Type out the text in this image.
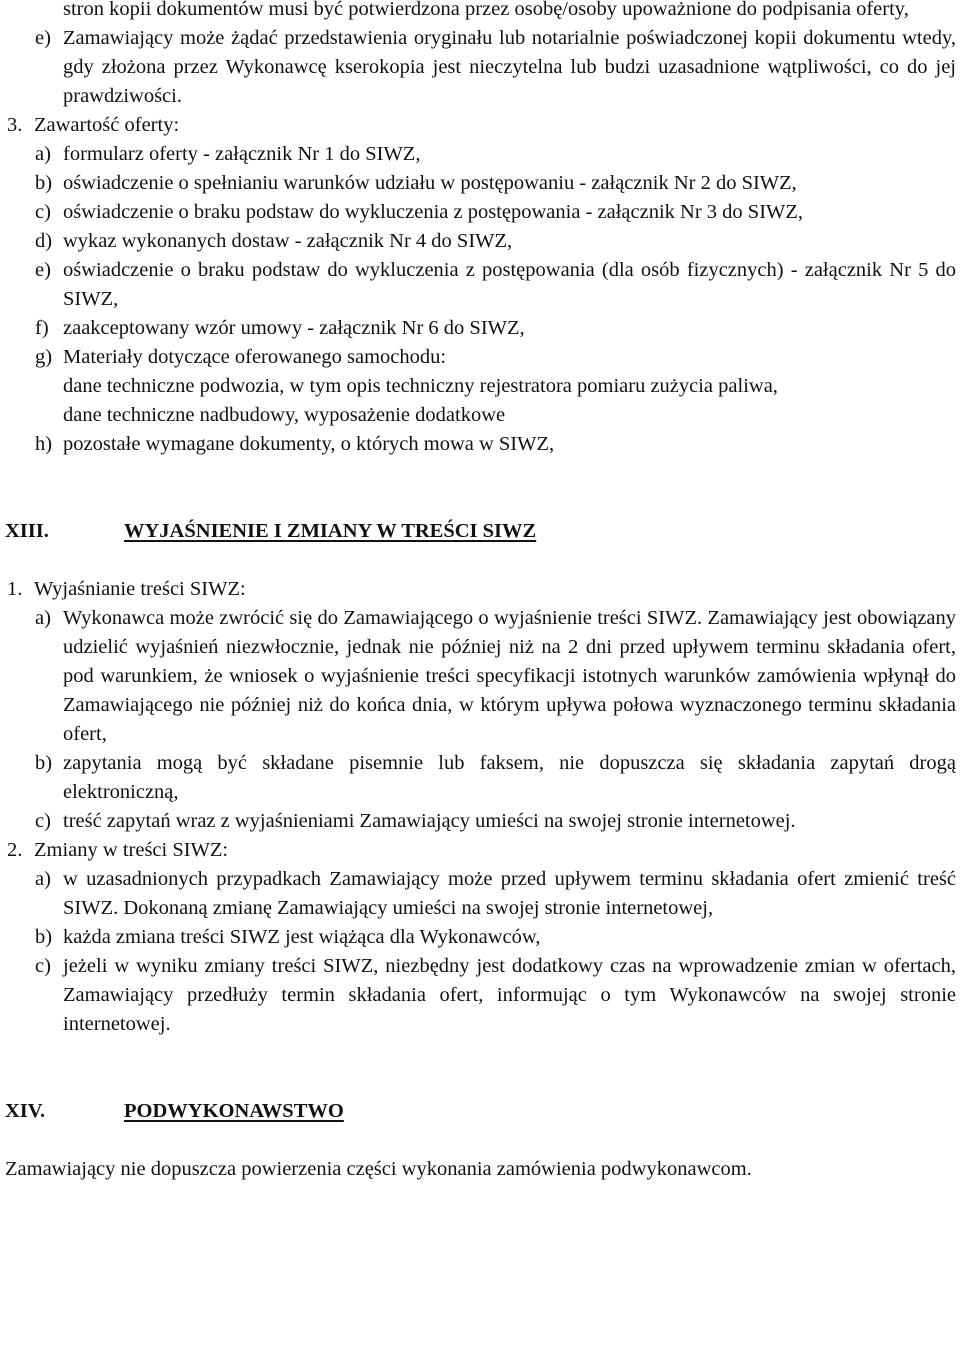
stron kopii dokumentów musi być potwierdzona przez osobę/osoby upoważnione do podpisania oferty,
e) Zamawiający może żądać przedstawienia oryginału lub notarialnie poświadczonej kopii dokumentu wtedy, gdy złożona przez Wykonawcę kserokopia jest nieczytelna lub budzi uzasadnione wątpliwości, co do jej prawdziwości.
3. Zawartość oferty:
a) formularz oferty - załącznik Nr 1 do SIWZ,
b) oświadczenie o spełnianiu warunków udziału w postępowaniu - załącznik Nr 2 do SIWZ,
c) oświadczenie o braku podstaw do wykluczenia z postępowania - załącznik Nr 3 do SIWZ,
d) wykaz wykonanych dostaw - załącznik Nr 4 do SIWZ,
e) oświadczenie o braku podstaw do wykluczenia z postępowania (dla osób fizycznych) - załącznik Nr 5 do SIWZ,
f) zaakceptowany wzór umowy - załącznik Nr 6 do SIWZ,
g) Materiały dotyczące oferowanego samochodu:
dane techniczne podwozia, w tym opis techniczny rejestratora pomiaru zużycia paliwa,
dane techniczne nadbudowy, wyposażenie dodatkowe
h) pozostałe wymagane dokumenty, o których mowa w SIWZ,
XIII.	WYJAŚNIENIE I ZMIANY W TREŚCI SIWZ
1. Wyjaśnianie treści SIWZ:
a) Wykonawca może zwrócić się do Zamawiającego o wyjaśnienie treści SIWZ. Zamawiający jest obowiązany udzielić wyjaśnień niezwłocznie, jednak nie później niż na 2 dni przed upływem terminu składania ofert, pod warunkiem, że wniosek o wyjaśnienie treści specyfikacji istotnych warunków zamówienia wpłynął do Zamawiającego nie później niż do końca dnia, w którym upływa połowa wyznaczonego terminu składania ofert,
b) zapytania mogą być składane pisemnie lub faksem, nie dopuszcza się składania zapytań drogą elektroniczną,
c) treść zapytań wraz z wyjaśnieniami Zamawiający umieści na swojej stronie internetowej.
2. Zmiany w treści SIWZ:
a) w uzasadnionych przypadkach Zamawiający może przed upływem terminu składania ofert zmienić treść SIWZ. Dokonaną zmianę Zamawiający umieści na swojej stronie internetowej,
b) każda zmiana treści SIWZ jest wiążąca dla Wykonawców,
c) jeżeli w wyniku zmiany treści SIWZ, niezbędny jest dodatkowy czas na wprowadzenie zmian w ofertach, Zamawiający przedłuży termin składania ofert, informując o tym Wykonawców na swojej stronie internetowej.
XIV.	PODWYKONAWSTWO
Zamawiający nie dopuszcza powierzenia części wykonania zamówienia podwykonawcom.
